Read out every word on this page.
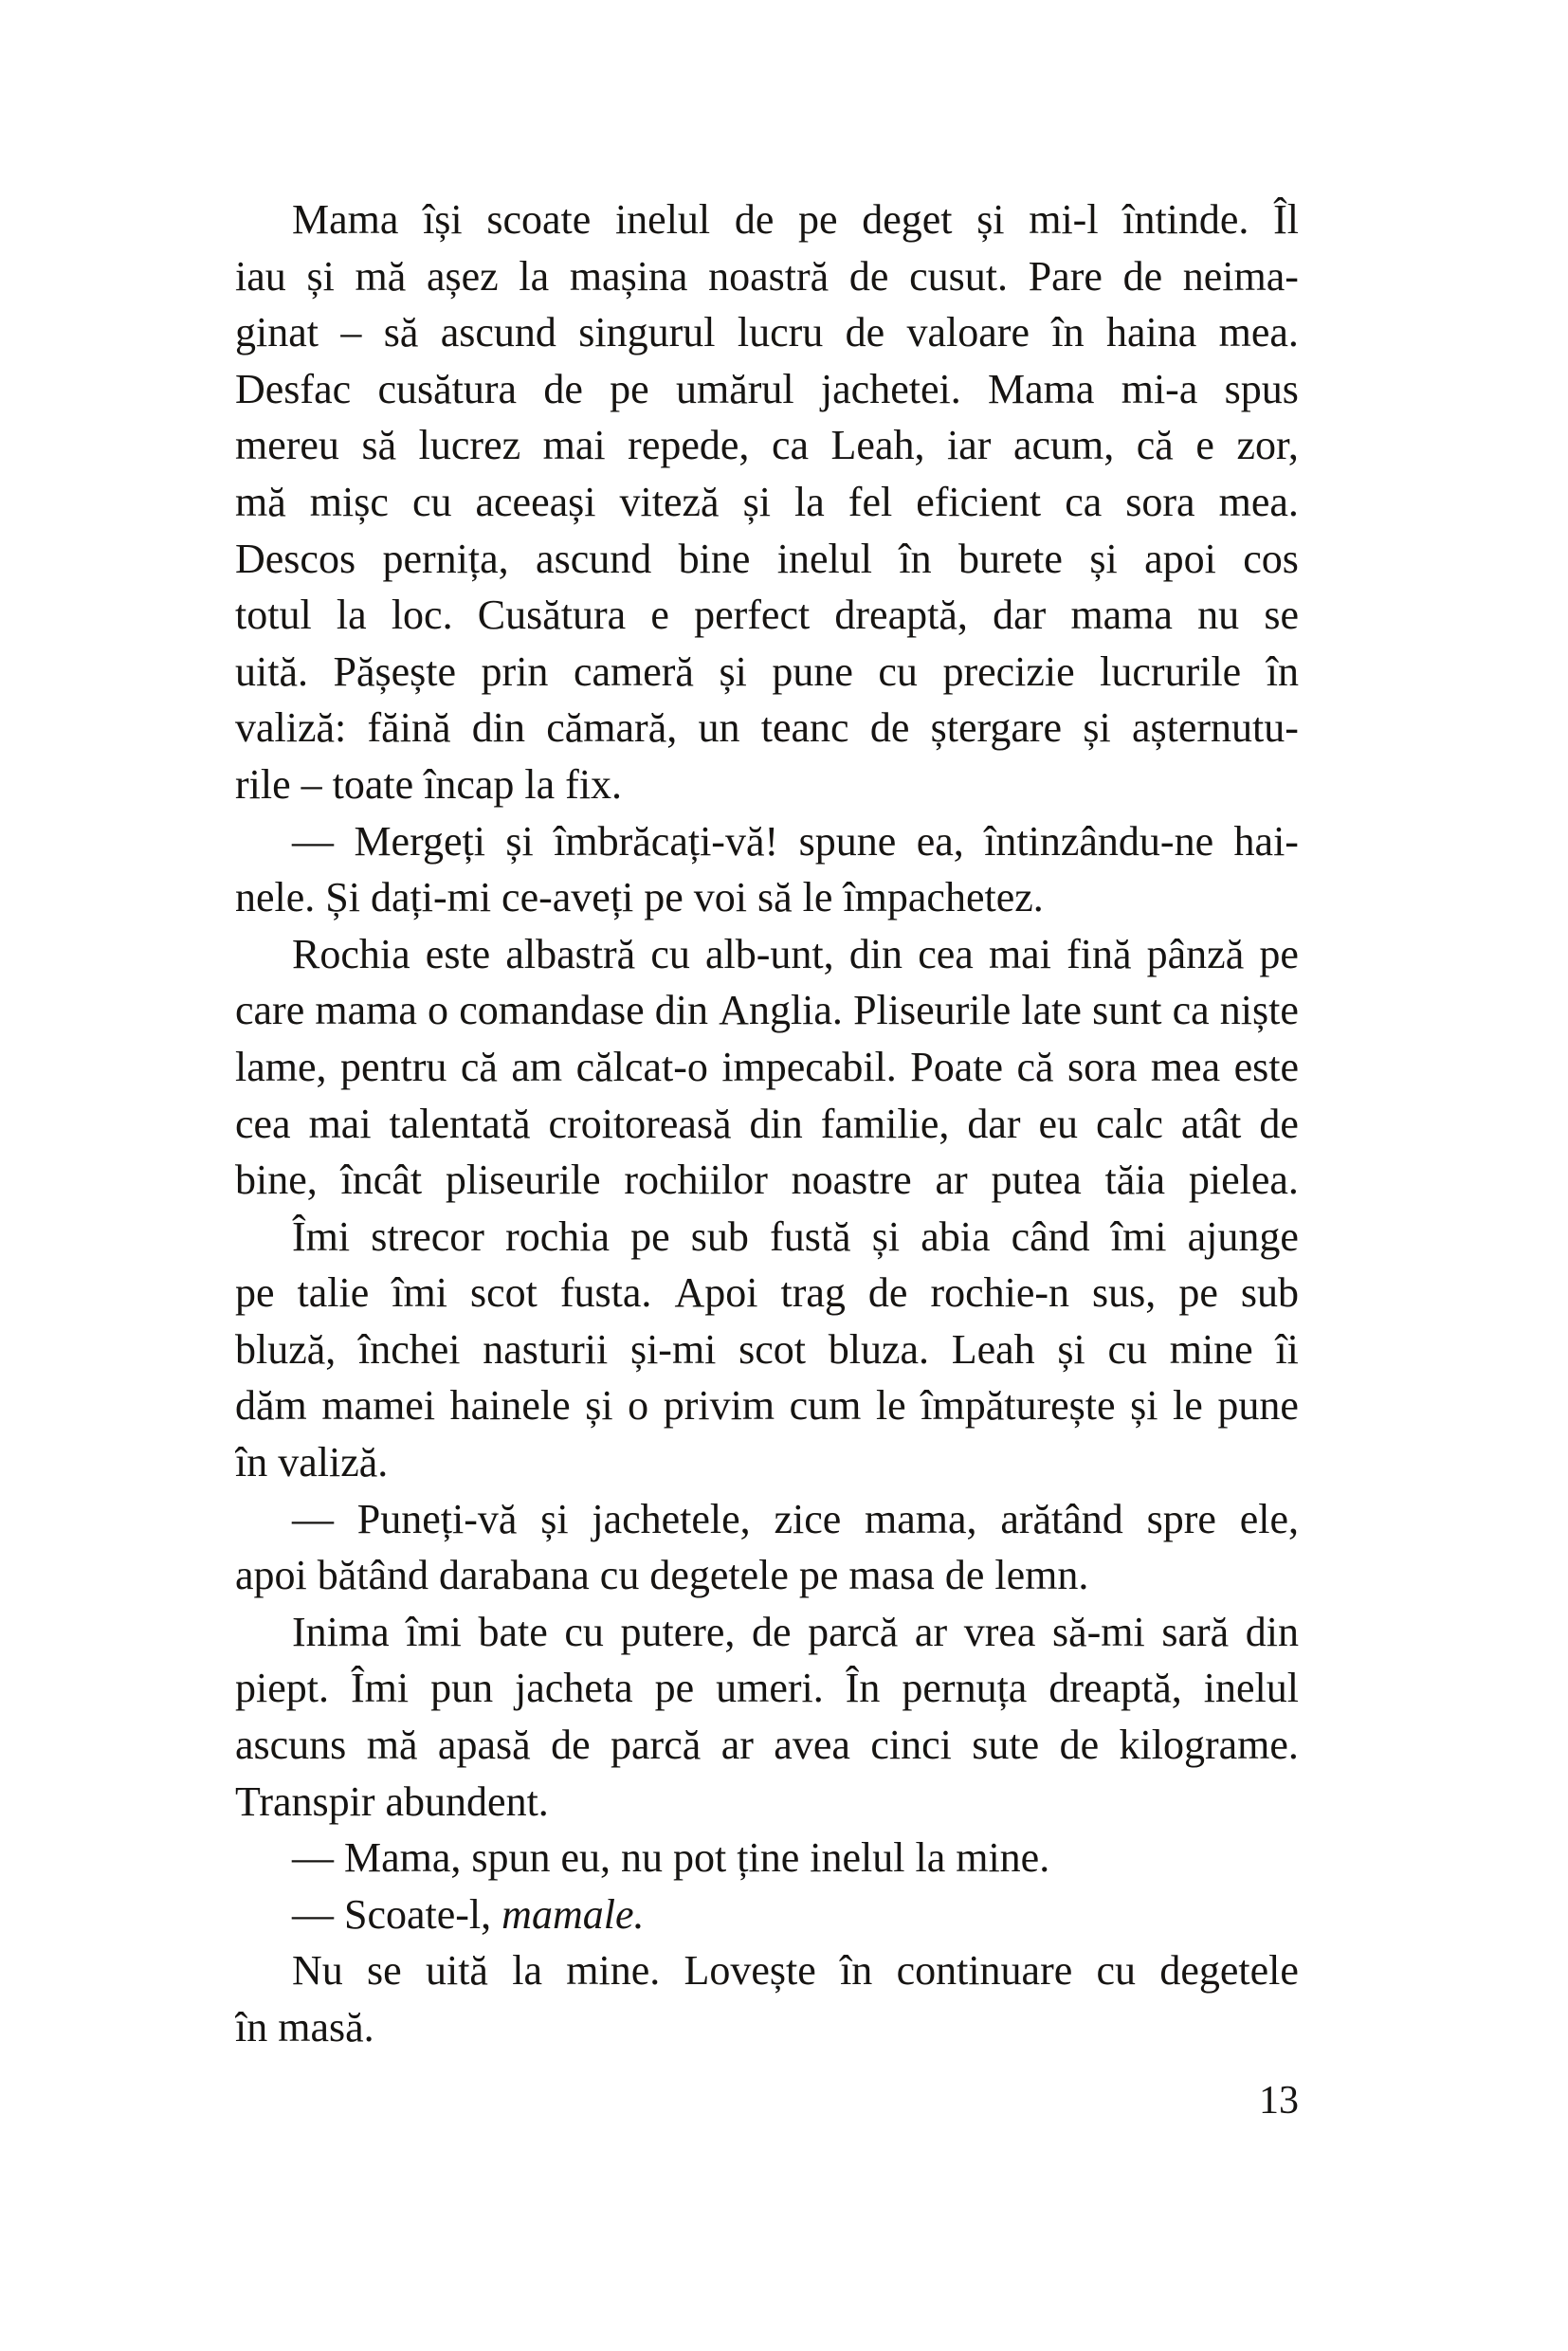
Mama își scoate inelul de pe deget și mi-l întinde. Îl
iau și mă așez la mașina noastră de cusut. Pare de neima-
ginat – să ascund singurul lucru de valoare în haina mea.
Desfac cusătura de pe umărul jachetei. Mama mi-a spus
mereu să lucrez mai repede, ca Leah, iar acum, că e zor,
mă mișc cu aceeași viteză și la fel eficient ca sora mea.
Descos pernița, ascund bine inelul în burete și apoi cos
totul la loc. Cusătura e perfect dreaptă, dar mama nu se
uită. Pășește prin cameră și pune cu precizie lucrurile în
valiză: făină din cămară, un teanc de ștergare și așternutu-
rile – toate încap la fix.
— Mergeți și îmbrăcați-vă! spune ea, întinzându-ne hai-
nele. Și dați-mi ce-aveți pe voi să le împachetez.
Rochia este albastră cu alb-unt, din cea mai fină pânză pe
care mama o comandase din Anglia. Pliseurile late sunt ca niște
lame, pentru că am călcat-o impecabil. Poate că sora mea este
cea mai talentată croitoreasă din familie, dar eu calc atât de
bine, încât pliseurile rochiilor noastre ar putea tăia pielea.
Îmi strecor rochia pe sub fustă și abia când îmi ajunge
pe talie îmi scot fusta. Apoi trag de rochie-n sus, pe sub
bluză, închei nasturii și-mi scot bluza. Leah și cu mine îi
dăm mamei hainele și o privim cum le împăturește și le pune
în valiză.
— Puneți-vă și jachetele, zice mama, arătând spre ele,
apoi bătând darabana cu degetele pe masa de lemn.
Inima îmi bate cu putere, de parcă ar vrea să-mi sară din
piept. Îmi pun jacheta pe umeri. În pernuța dreaptă, inelul
ascuns mă apasă de parcă ar avea cinci sute de kilograme.
Transpir abundent.
— Mama, spun eu, nu pot ține inelul la mine.
— Scoate-l, mamale.
Nu se uită la mine. Lovește în continuare cu degetele
în masă.
13
